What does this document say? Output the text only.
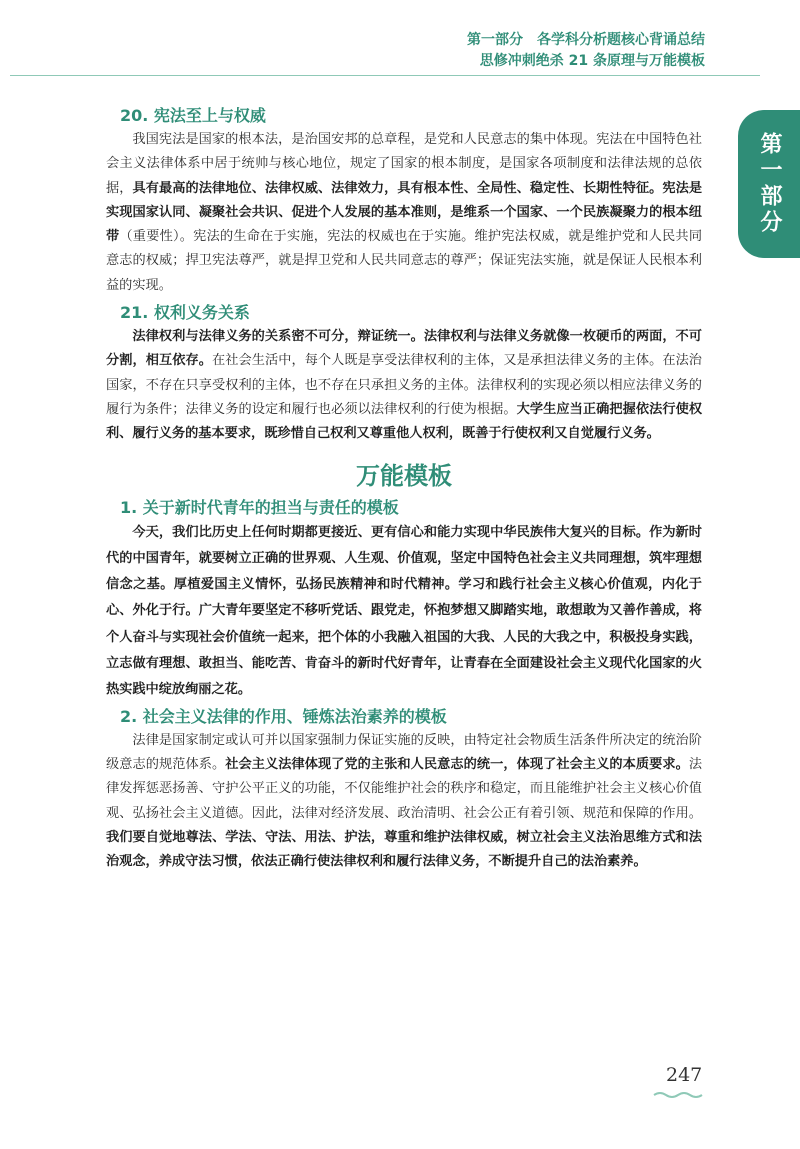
第一部分 各学科分析题核心背诵总结
思修冲刺绝杀 21 条原理与万能模板
第一部分
20. 宪法至上与权威

我国宪法是国家的根本法，是治国安邦的总章程，是党和人民意志的集中体现。宪法在中国特色社会主义法律体系中居于统帅与核心地位，规定了国家的根本制度，是国家各项制度和法律法规的总依据，具有最高的法律地位、法律权威、法律效力，具有根本性、全局性、稳定性、长期性特征。宪法是实现国家认同、凝聚社会共识、促进个人发展的基本准则，是维系一个国家、一个民族凝聚力的根本纽带（重要性）。宪法的生命在于实施，宪法的权威也在于实施。维护宪法权威，就是维护党和人民共同意志的权威；捍卫宪法尊严，就是捍卫党和人民共同意志的尊严；保证宪法实施，就是保证人民根本利益的实现。

21. 权利义务关系

法律权利与法律义务的关系密不可分，辩证统一。法律权利与法律义务就像一枚硬币的两面，不可分割，相互依存。在社会生活中，每个人既是享受法律权利的主体，又是承担法律义务的主体。在法治国家，不存在只享受权利的主体，也不存在只承担义务的主体。法律权利的实现必须以相应法律义务的履行为条件；法律义务的设定和履行也必须以法律权利的行使为根据。大学生应当正确把握依法行使权利、履行义务的基本要求，既珍惜自己权利又尊重他人权利，既善于行使权利又自觉履行义务。

万能模板
1. 关于新时代青年的担当与责任的模板

今天，我们比历史上任何时期都更接近、更有信心和能力实现中华民族伟大复兴的目标。作为新时代的中国青年，就要树立正确的世界观、人生观、价值观，坚定中国特色社会主义共同理想，筑牢理想信念之基。厚植爱国主义情怀，弘扬民族精神和时代精神。学习和践行社会主义核心价值观，内化于心、外化于行。广大青年要坚定不移听党话、跟党走，怀抱梦想又脚踏实地，敢想敢为又善作善成，将个人奋斗与实现社会价值统一起来，把个体的小我融入祖国的大我、人民的大我之中，积极投身实践，立志做有理想、敢担当、能吃苦、肯奋斗的新时代好青年，让青春在全面建设社会主义现代化国家的火热实践中绽放绚丽之花。

2. 社会主义法律的作用、锤炼法治素养的模板

法律是国家制定或认可并以国家强制力保证实施的反映，由特定社会物质生活条件所决定的统治阶级意志的规范体系。社会主义法律体现了党的主张和人民意志的统一，体现了社会主义的本质要求。法律发挥惩恶扬善、守护公平正义的功能，不仅能维护社会的秩序和稳定，而且能维护社会主义核心价值观、弘扬社会主义道德。因此，法律对经济发展、政治清明、社会公正有着引领、规范和保障的作用。我们要自觉地尊法、学法、守法、用法、护法，尊重和维护法律权威，树立社会主义法治思维方式和法治观念，养成守法习惯，依法正确行使法律权利和履行法律义务，不断提升自己的法治素养。

247
